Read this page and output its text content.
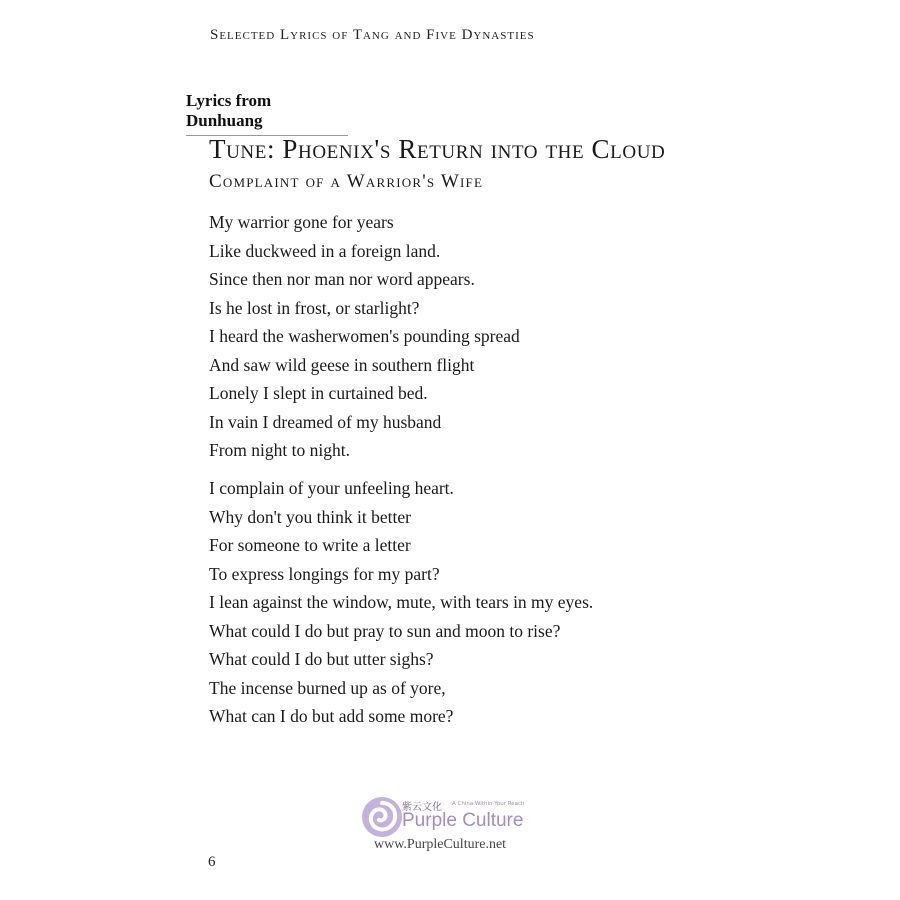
Selected Lyrics of Tang and Five Dynasties
Lyrics from Dunhuang
Tune: Phoenix's Return into the Cloud
Complaint of a Warrior's Wife
My warrior gone for years
Like duckweed in a foreign land.
Since then nor man nor word appears.
Is he lost in frost, or starlight?
I heard the washerwomen's pounding spread
And saw wild geese in southern flight
Lonely I slept in curtained bed.
In vain I dreamed of my husband
From night to night.
I complain of your unfeeling heart.
Why don't you think it better
For someone to write a letter
To express longings for my part?
I lean against the window, mute, with tears in my eyes.
What could I do but pray to sun and moon to rise?
What could I do but utter sighs?
The incense burned up as of yore,
What can I do but add some more?
紫云文化 A China Within Your Reach
Purple Culture
www.PurpleCulture.net
6
